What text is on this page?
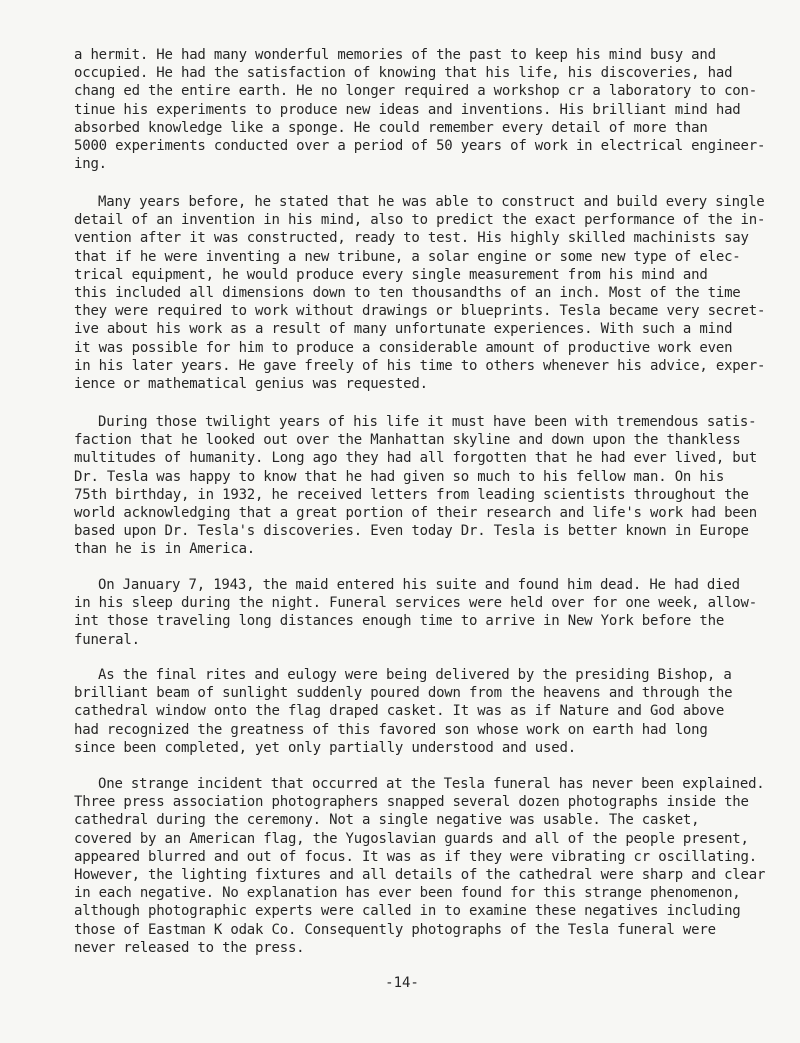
a hermit. He had many wonderful memories of the past to keep his mind busy and
occupied. He had the satisfaction of knowing that his life, his discoveries, had
chang ed the entire earth. He no longer required a workshop cr a laboratory to con-
tinue his experiments to produce new ideas and inventions. His brilliant mind had
absorbed knowledge like a sponge. He could remember every detail of more than
5000 experiments conducted over a period of 50 years of work in electrical engineer-
ing.
Many years before, he stated that he was able to construct and build every single
detail of an invention in his mind, also to predict the exact performance of the in-
vention after it was constructed, ready to test. His highly skilled machinists say
that if he were inventing a new tribune, a solar engine or some new type of elec-
trical equipment, he would produce every single measurement from his mind and
this included all dimensions down to ten thousandths of an inch. Most of the time
they were required to work without drawings or blueprints. Tesla became very secret-
ive about his work as a result of many unfortunate experiences. With such a mind
it was possible for him to produce a considerable amount of productive work even
in his later years. He gave freely of his time to others whenever his advice, exper-
ience or mathematical genius was requested.
During those twilight years of his life it must have been with tremendous satis-
faction that he looked out over the Manhattan skyline and down upon the thankless
multitudes of humanity. Long ago they had all forgotten that he had ever lived, but
Dr. Tesla was happy to know that he had given so much to his fellow man. On his
75th birthday, in 1932, he received letters from leading scientists throughout the
world acknowledging that a great portion of their research and life's work had been
based upon Dr. Tesla's discoveries. Even today Dr. Tesla is better known in Europe
than he is in America.
On January 7, 1943, the maid entered his suite and found him dead. He had died
in his sleep during the night. Funeral services were held over for one week, allow-
int those traveling long distances enough time to arrive in New York before the
funeral.
As the final rites and eulogy were being delivered by the presiding Bishop, a
brilliant beam of sunlight suddenly poured down from the heavens and through the
cathedral window onto the flag draped casket. It was as if Nature and God above
had recognized the greatness of this favored son whose work on earth had long
since been completed, yet only partially understood and used.
One strange incident that occurred at the Tesla funeral has never been explained.
Three press association photographers snapped several dozen photographs inside the
cathedral during the ceremony. Not a single negative was usable. The casket,
covered by an American flag, the Yugoslavian guards and all of the people present,
appeared blurred and out of focus. It was as if they were vibrating cr oscillating.
However, the lighting fixtures and all details of the cathedral were sharp and clear
in each negative. No explanation has ever been found for this strange phenomenon,
although photographic experts were called in to examine these negatives including
those of Eastman K odak Co. Consequently photographs of the Tesla funeral were
never released to the press.
-14-
